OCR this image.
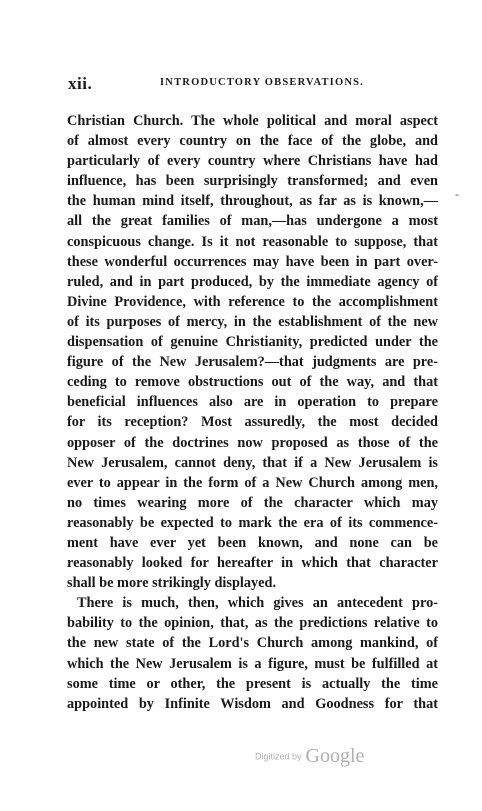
xii.	INTRODUCTORY OBSERVATIONS.
Christian Church. The whole political and moral aspect
of almost every country on the face of the globe, and
particularly of every country where Christians have had
influence, has been surprisingly transformed; and even
the human mind itself, throughout, as far as is known,—
all the great families of man,—has undergone a most
conspicuous change. Is it not reasonable to suppose, that
these wonderful occurrences may have been in part over-
ruled, and in part produced, by the immediate agency of
Divine Providence, with reference to the accomplishment
of its purposes of mercy, in the establishment of the new
dispensation of genuine Christianity, predicted under the
figure of the New Jerusalem?—that judgments are pre-
ceding to remove obstructions out of the way, and that
beneficial influences also are in operation to prepare
for its reception? Most assuredly, the most decided
opposer of the doctrines now proposed as those of the
New Jerusalem, cannot deny, that if a New Jerusalem is
ever to appear in the form of a New Church among men,
no times wearing more of the character which may
reasonably be expected to mark the era of its commence-
ment have ever yet been known, and none can be
reasonably looked for hereafter in which that character
shall be more strikingly displayed.
There is much, then, which gives an antecedent pro-
bability to the opinion, that, as the predictions relative to
the new state of the Lord's Church among mankind, of
which the New Jerusalem is a figure, must be fulfilled at
some time or other, the present is actually the time
appointed by Infinite Wisdom and Goodness for that
-
Digitized by Google
